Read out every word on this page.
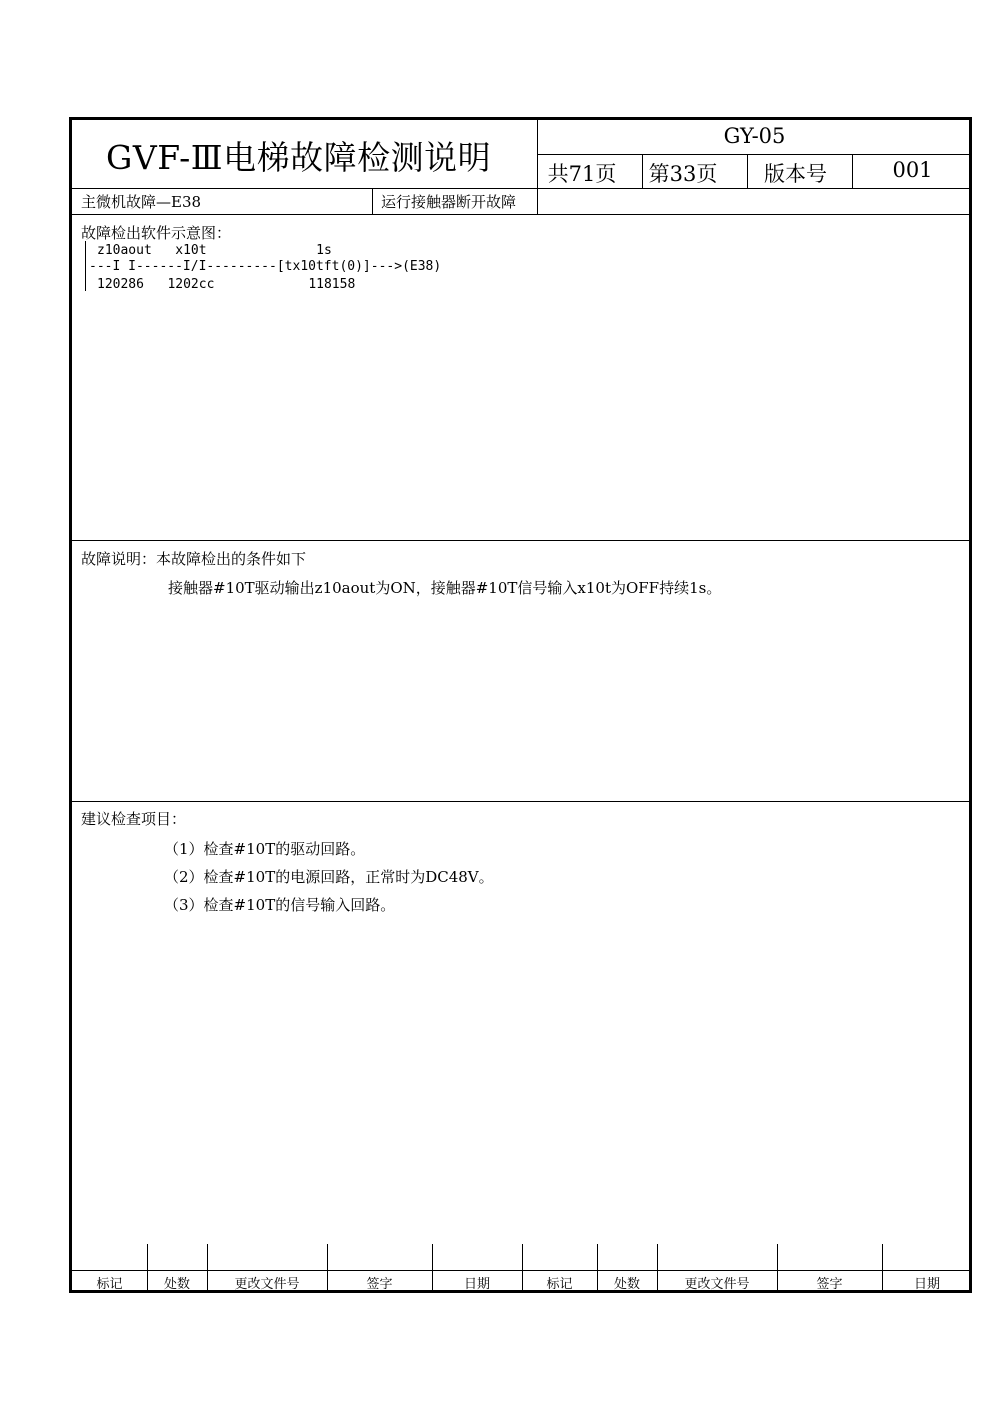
GVF-Ⅲ电梯故障检测说明
GY-05
共71页	第33页	版本号	001
主微机故障—E38	运行接触器断开故障
故障检出软件示意图：
z10aout   x10t              1s
---I I------I/I---------[tx10tft(0)]--->(E38)
120286   1202cc            118158
故障说明：本故障检出的条件如下
接触器#10T驱动输出z10aout为ON，接触器#10T信号输入x10t为OFF持续1s。
建议检查项目：
（1）检查#10T的驱动回路。
（2）检查#10T的电源回路，正常时为DC48V。
（3）检查#10T的信号输入回路。
标记	处数	更改文件号	签字	日期	标记	处数	更改文件号	签字	日期
